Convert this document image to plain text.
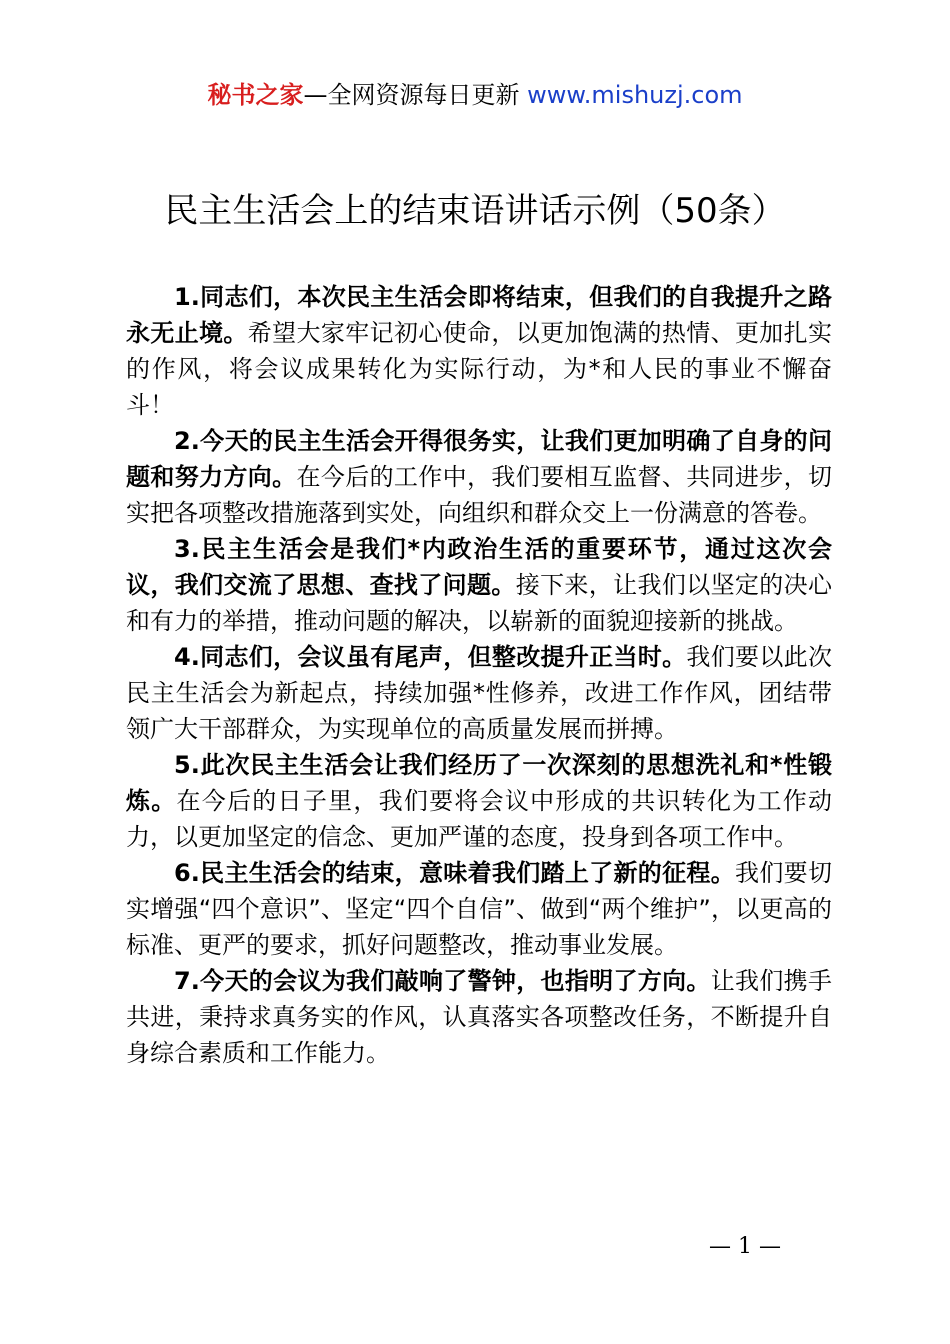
秘书之家—全网资源每日更新 www.mishuzj.com
民主生活会上的结束语讲话示例（50条）

1.同志们，本次民主生活会即将结束，但我们的自我提升之路永无止境。希望大家牢记初心使命，以更加饱满的热情、更加扎实的作风，将会议成果转化为实际行动，为*和人民的事业不懈奋斗！

2.今天的民主生活会开得很务实，让我们更加明确了自身的问题和努力方向。在今后的工作中，我们要相互监督、共同进步，切实把各项整改措施落到实处，向组织和群众交上一份满意的答卷。

3.民主生活会是我们*内政治生活的重要环节，通过这次会议，我们交流了思想、查找了问题。接下来，让我们以坚定的决心和有力的举措，推动问题的解决，以崭新的面貌迎接新的挑战。

4.同志们，会议虽有尾声，但整改提升正当时。我们要以此次民主生活会为新起点，持续加强*性修养，改进工作作风，团结带领广大干部群众，为实现单位的高质量发展而拼搏。

5.此次民主生活会让我们经历了一次深刻的思想洗礼和*性锻炼。在今后的日子里，我们要将会议中形成的共识转化为工作动力，以更加坚定的信念、更加严谨的态度，投身到各项工作中。

6.民主生活会的结束，意味着我们踏上了新的征程。我们要切实增强“四个意识”、坚定“四个自信”、做到“两个维护”，以更高的标准、更严的要求，抓好问题整改，推动事业发展。

7.今天的会议为我们敲响了警钟，也指明了方向。让我们携手共进，秉持求真务实的作风，认真落实各项整改任务，不断提升自身综合素质和工作能力。

— 1 —
